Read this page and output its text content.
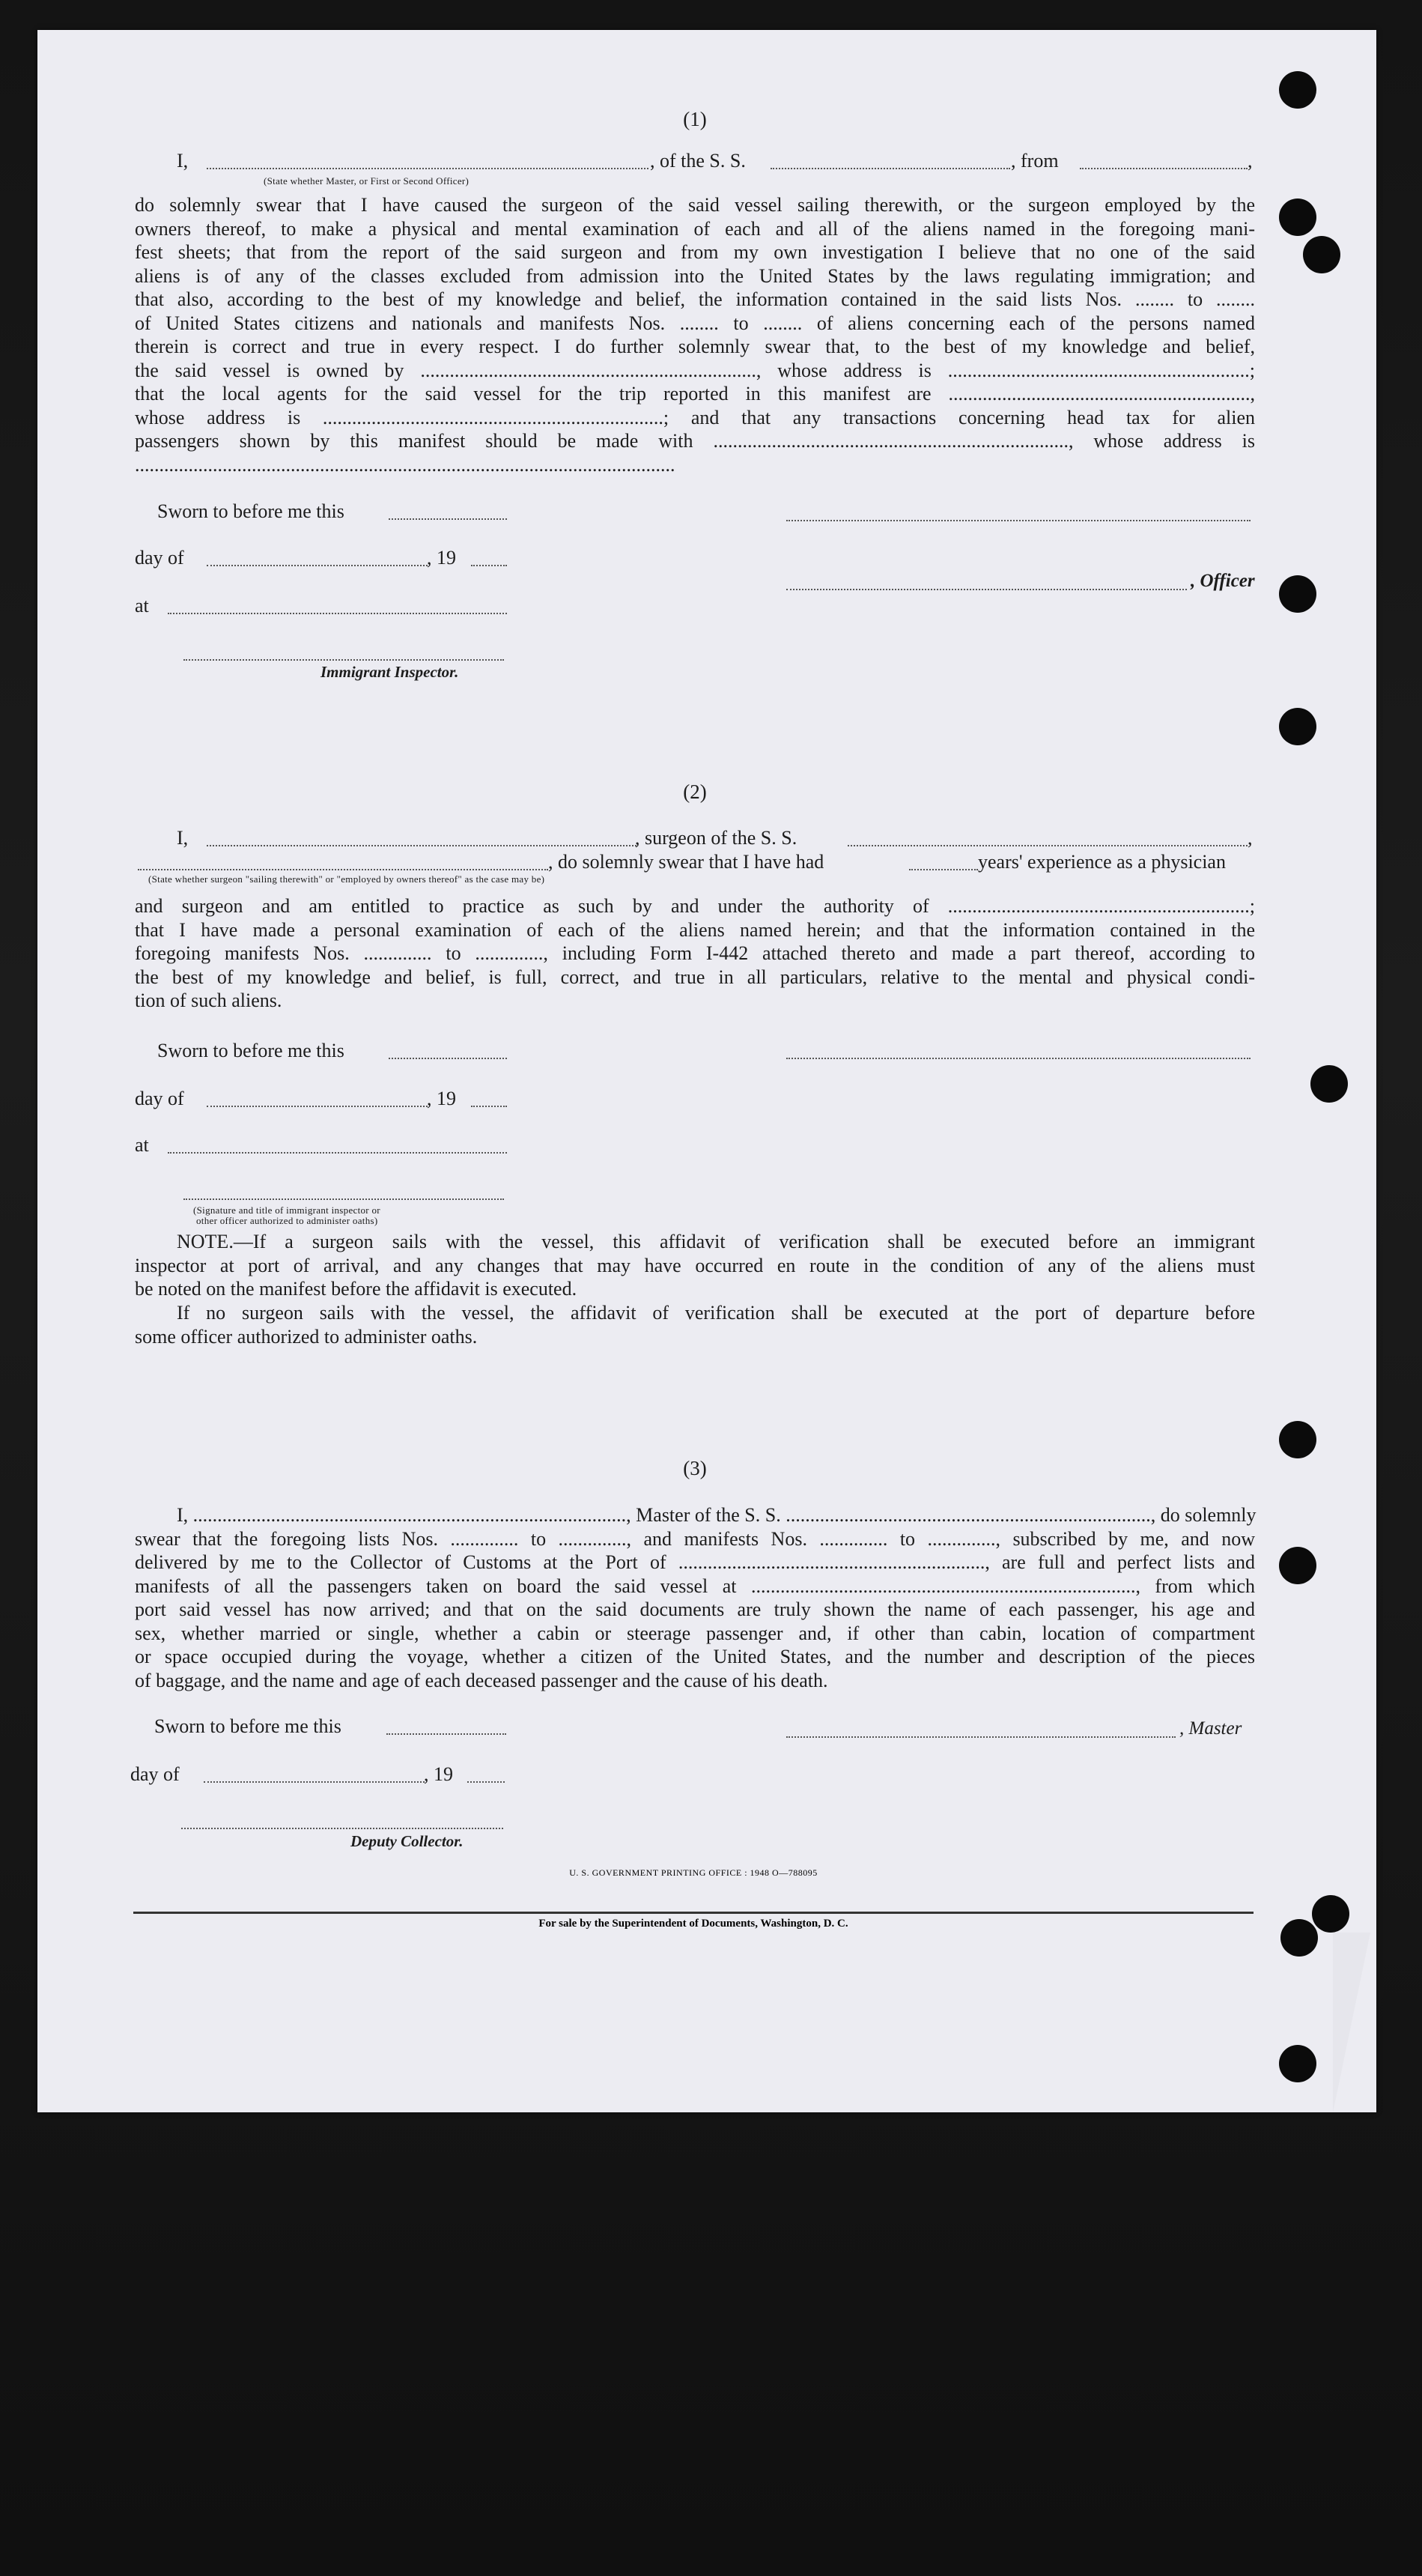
(1)
I,	, of the S. S.	, from	,
(State whether Master, or First or Second Officer)
do solemnly swear that I have caused the surgeon of the said vessel sailing therewith, or the surgeon employed by the
owners thereof, to make a physical and mental examination of each and all of the aliens named in the foregoing mani-
fest sheets; that from the report of the said surgeon and from my own investigation I believe that no one of the said
aliens is of any of the classes excluded from admission into the United States by the laws regulating immigration; and
that also, according to the best of my knowledge and belief, the information contained in the said lists Nos. ........ to ........
of United States citizens and nationals and manifests Nos. ........ to ........ of aliens concerning each of the persons named
therein is correct and true in every respect. I do further solemnly swear that, to the best of my knowledge and belief,
the said vessel is owned by ....................................................................., whose address is ..............................................................;
that the local agents for the said vessel for the trip reported in this manifest are ..............................................................,
whose address is ......................................................................; and that any transactions concerning head tax for alien
passengers shown by this manifest should be made with ........................................................................., whose address is
...............................................................................................................
Sworn to before me this
day of	, 19
, Officer
at
Immigrant Inspector.
(2)
I,	, surgeon of the S. S.	,
, do solemnly swear that I have had	years' experience as a physician
(State whether surgeon "sailing therewith" or "employed by owners thereof" as the case may be)
and surgeon and am entitled to practice as such by and under the authority of ..............................................................;
that I have made a personal examination of each of the aliens named herein; and that the information contained in the
foregoing manifests Nos. .............. to .............., including Form I-442 attached thereto and made a part thereof, according to
the best of my knowledge and belief, is full, correct, and true in all particulars, relative to the mental and physical condi-
tion of such aliens.
Sworn to before me this
day of	, 19
at
(Signature and title of immigrant inspector or
other officer authorized to administer oaths)
NOTE.—If a surgeon sails with the vessel, this affidavit of verification shall be executed before an immigrant
inspector at port of arrival, and any changes that may have occurred en route in the condition of any of the aliens must
be noted on the manifest before the affidavit is executed.
If no surgeon sails with the vessel, the affidavit of verification shall be executed at the port of departure before
some officer authorized to administer oaths.
(3)
I, ........................................................................................., Master of the S. S. ..........................................................................., do solemnly
swear that the foregoing lists Nos. .............. to .............., and manifests Nos. .............. to .............., subscribed by me, and now
delivered by me to the Collector of Customs at the Port of ..............................................................., are full and perfect lists and
manifests of all the passengers taken on board the said vessel at ..............................................................................., from which
port said vessel has now arrived; and that on the said documents are truly shown the name of each passenger, his age and
sex, whether married or single, whether a cabin or steerage passenger and, if other than cabin, location of compartment
or space occupied during the voyage, whether a citizen of the United States, and the number and description of the pieces
of baggage, and the name and age of each deceased passenger and the cause of his death.
Sworn to before me this	, Master
day of	, 19
Deputy Collector.
U. S. GOVERNMENT PRINTING OFFICE : 1948 O—788095
For sale by the Superintendent of Documents, Washington, D. C.
